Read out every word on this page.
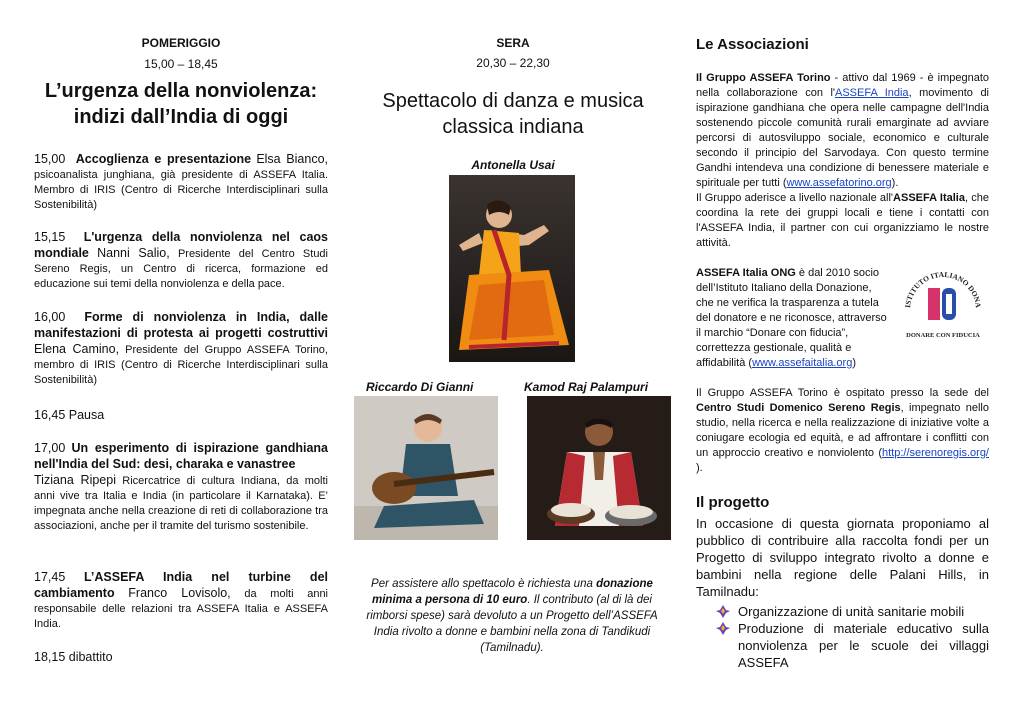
POMERIGGIO
15,00 – 18,45
L’urgenza della nonviolenza: indizi dall’India di oggi
15,00 Accoglienza e presentazione Elsa Bianco, psicoanalista junghiana, già presidente di ASSEFA Italia. Membro di IRIS (Centro di Ricerche Interdisciplinari sulla Sostenibilità)
15,15 L'urgenza della nonviolenza nel caos mondiale Nanni Salio, Presidente del Centro Studi Sereno Regis, un Centro di ricerca, formazione ed educazione sui temi della nonviolenza e della pace.
16,00 Forme di nonviolenza in India, dalle manifestazioni di protesta ai progetti costruttivi Elena Camino, Presidente del Gruppo ASSEFA Torino, membro di IRIS (Centro di Ricerche Interdisciplinari sulla Sostenibilità)
16,45 Pausa
17,00 Un esperimento di ispirazione gandhiana nell'India del Sud: desi, charaka e vanastree
Tiziana Ripepi Ricercatrice di cultura Indiana, da molti anni vive tra Italia e India (in particolare il Karnataka). E’ impegnata anche nella creazione di reti di collaborazione tra associazioni, anche per il tramite del turismo sostenibile.
17,45 L’ASSEFA India nel turbine del cambiamento Franco Lovisolo, da molti anni responsabile delle relazioni tra ASSEFA Italia e ASSEFA India.
18,15 dibattito
SERA
20,30 – 22,30
Spettacolo di danza e musica classica indiana
Antonella Usai
Riccardo Di Gianni	Kamod Raj Palampuri
Per assistere allo spettacolo è richiesta una donazione minima a persona di 10 euro. Il contributo (al di là dei rimborsi spese) sarà devoluto a un Progetto dell’ASSEFA India rivolto a donne e bambini nella zona di Tandikudi (Tamilnadu).
Le Associazioni
Il Gruppo ASSEFA Torino - attivo dal 1969 - è impegnato nella collaborazione con l'ASSEFA India, movimento di ispirazione gandhiana che opera nelle campagne dell'India sostenendo piccole comunità rurali emarginate ad avviare percorsi di autosviluppo sociale, economico e culturale secondo il principio del Sarvodaya. Con questo termine Gandhi intendeva una condizione di benessere materiale e spirituale per tutti (www.assefatorino.org).
Il Gruppo aderisce a livello nazionale all'ASSEFA Italia, che coordina la rete dei gruppi locali e tiene i contatti con l'ASSEFA India, il partner con cui organizziamo le nostre attività.
ASSEFA Italia ONG è dal 2010 socio dell’Istituto Italiano della Donazione, che ne verifica la trasparenza a tutela del donatore e ne riconosce, attraverso il marchio “Donare con fiducia”, correttezza gestionale, qualità e affidabilità (www.assefaitalia.org)
ISTITUTO ITALIANO DONA
DONARE CON FIDUCIA
Il Gruppo ASSEFA Torino è ospitato presso la sede del Centro Studi Domenico Sereno Regis, impegnato nello studio, nella ricerca e nella realizzazione di iniziative volte a coniugare ecologia ed equità, e ad affrontare i conflitti con un approccio creativo e nonviolento (http://serenoregis.org/ ).
Il progetto
In occasione di questa giornata proponiamo al pubblico di contribuire alla raccolta fondi per un Progetto di sviluppo integrato rivolto a donne e bambini nella regione delle Palani Hills, in Tamilnadu:
Organizzazione di unità sanitarie mobili
Produzione di materiale educativo sulla nonviolenza per le scuole dei villaggi ASSEFA
